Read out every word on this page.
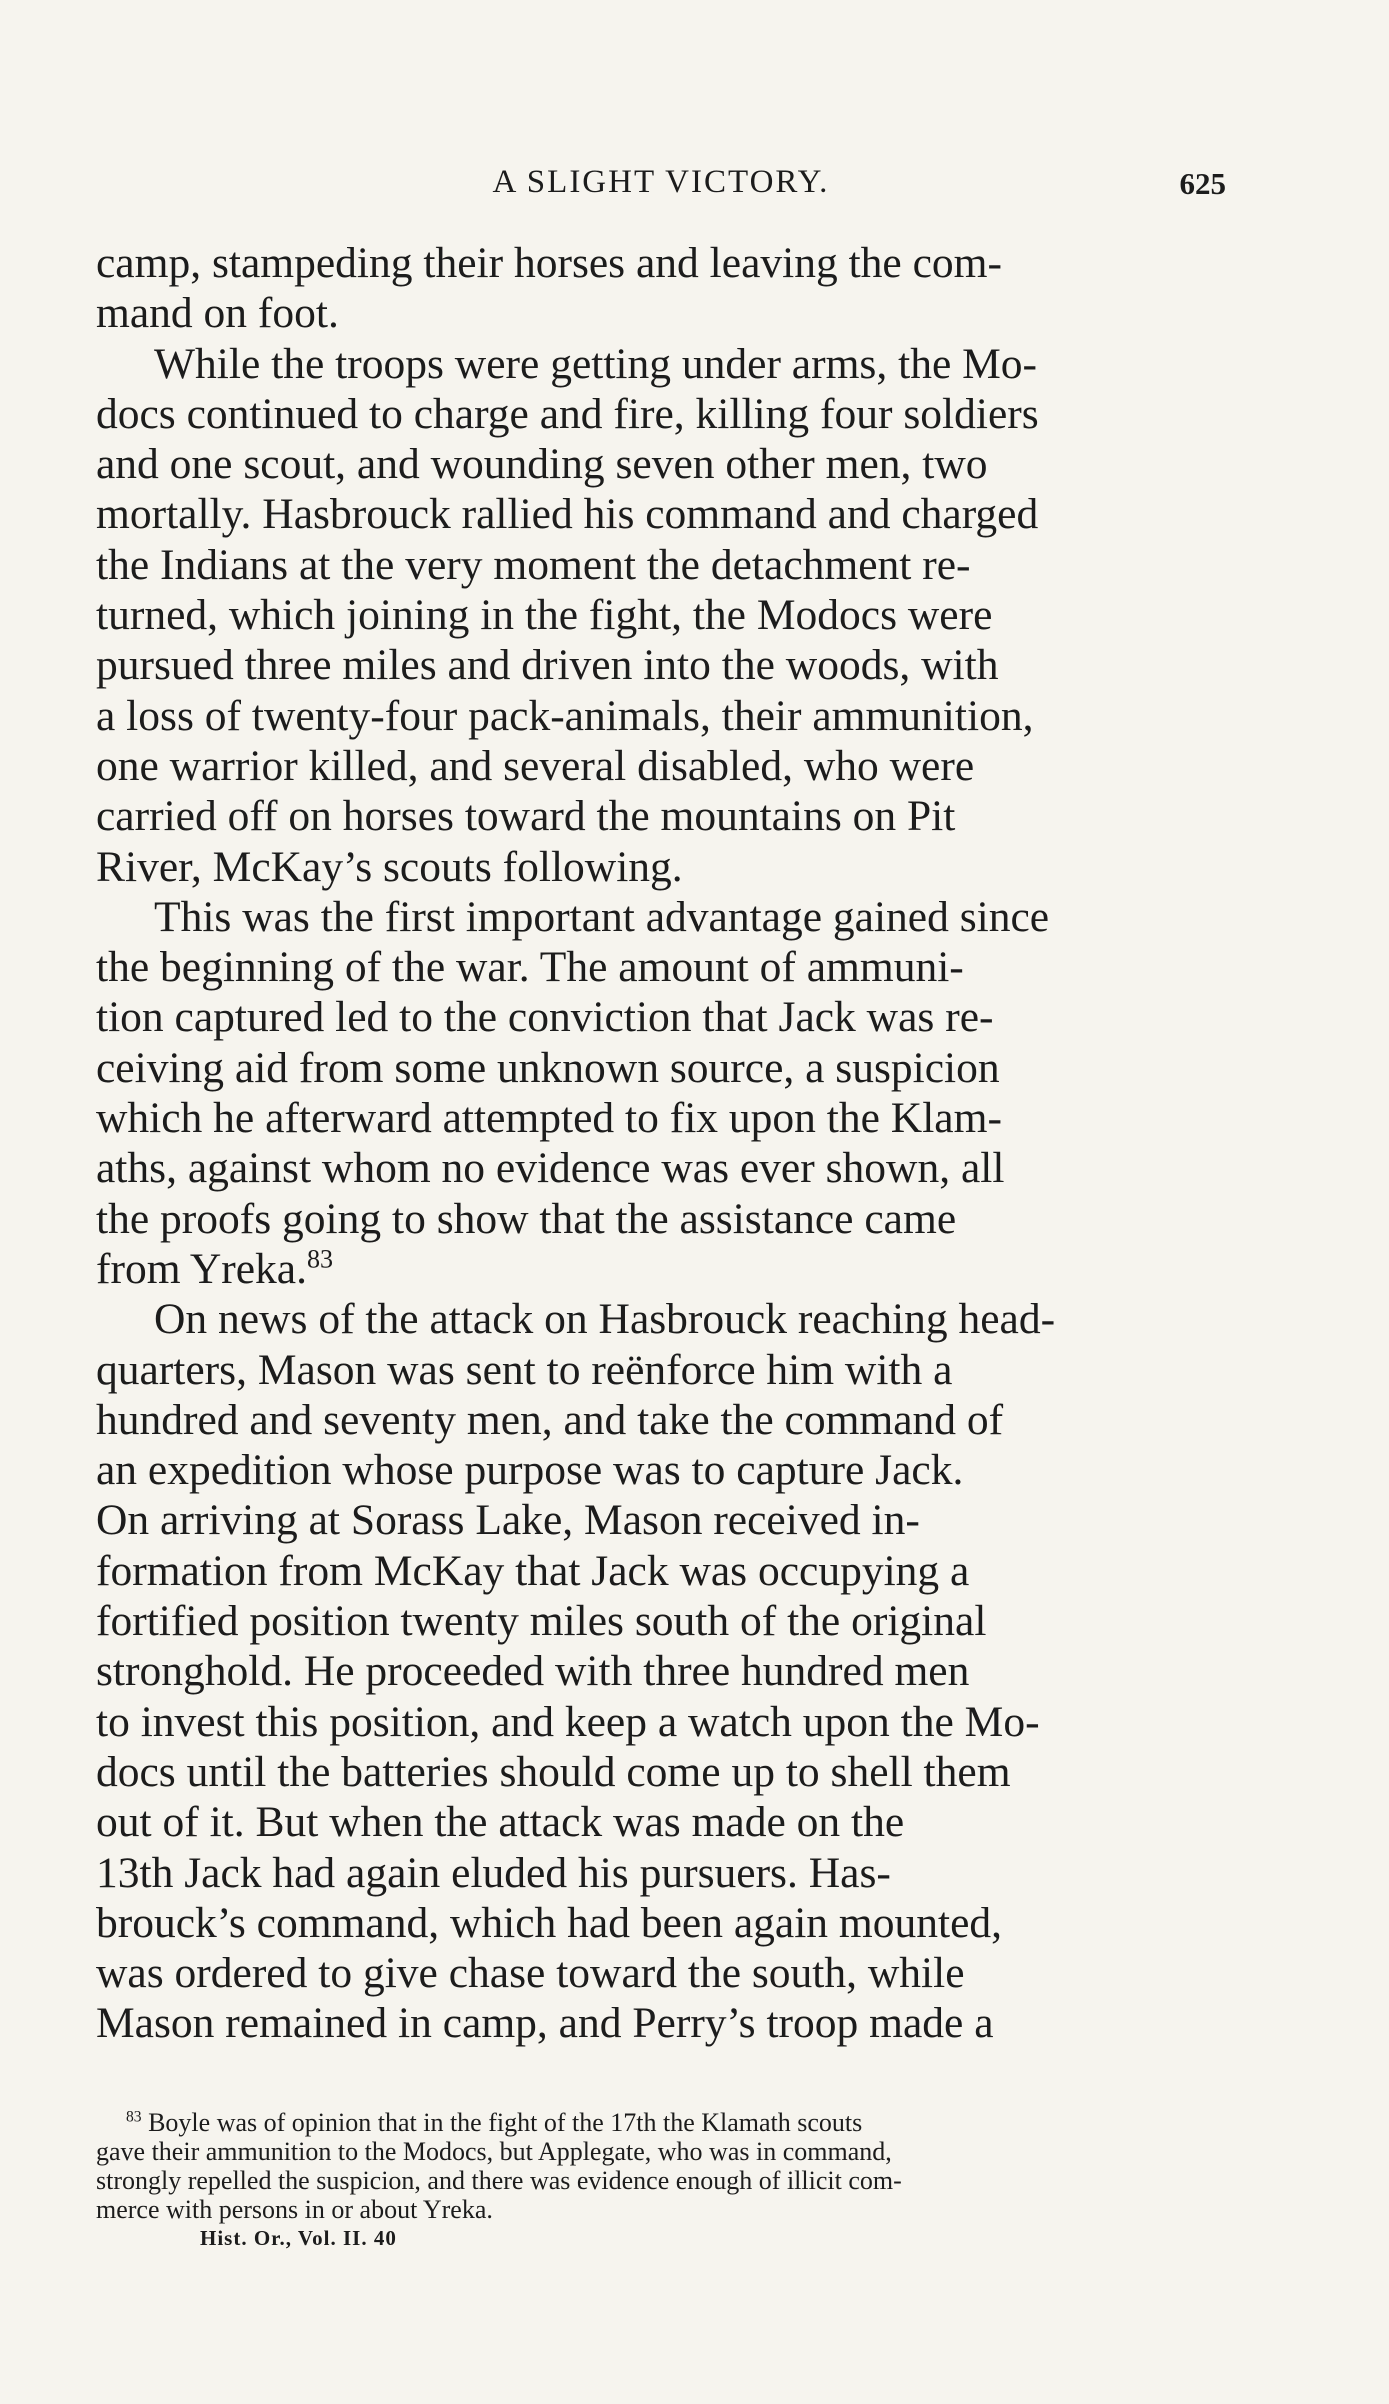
A SLIGHT VICTORY.	625

camp, stampeding their horses and leaving the com-
mand on foot.

While the troops were getting under arms, the Mo-
docs continued to charge and fire, killing four soldiers
and one scout, and wounding seven other men, two
mortally. Hasbrouck rallied his command and charged
the Indians at the very moment the detachment re-
turned, which joining in the fight, the Modocs were
pursued three miles and driven into the woods, with
a loss of twenty-four pack-animals, their ammunition,
one warrior killed, and several disabled, who were
carried off on horses toward the mountains on Pit
River, McKay’s scouts following.

This was the first important advantage gained since
the beginning of the war. The amount of ammuni-
tion captured led to the conviction that Jack was re-
ceiving aid from some unknown source, a suspicion
which he afterward attempted to fix upon the Klam-
aths, against whom no evidence was ever shown, all
the proofs going to show that the assistance came
from Yreka.$^{83}$

On news of the attack on Hasbrouck reaching head-
quarters, Mason was sent to reënforce him with a
hundred and seventy men, and take the command of
an expedition whose purpose was to capture Jack.
On arriving at Sorass Lake, Mason received in-
formation from McKay that Jack was occupying a
fortified position twenty miles south of the original
stronghold. He proceeded with three hundred men
to invest this position, and keep a watch upon the Mo-
docs until the batteries should come up to shell them
out of it. But when the attack was made on the
13th Jack had again eluded his pursuers. Has-
brouck’s command, which had been again mounted,
was ordered to give chase toward the south, while
Mason remained in camp, and Perry’s troop made a

$^{83}$ Boyle was of opinion that in the fight of the 17th the Klamath scouts
gave their ammunition to the Modocs, but Applegate, who was in command,
strongly repelled the suspicion, and there was evidence enough of illicit com-
merce with persons in or about Yreka.

Hist. Or., Vol. II. 40
